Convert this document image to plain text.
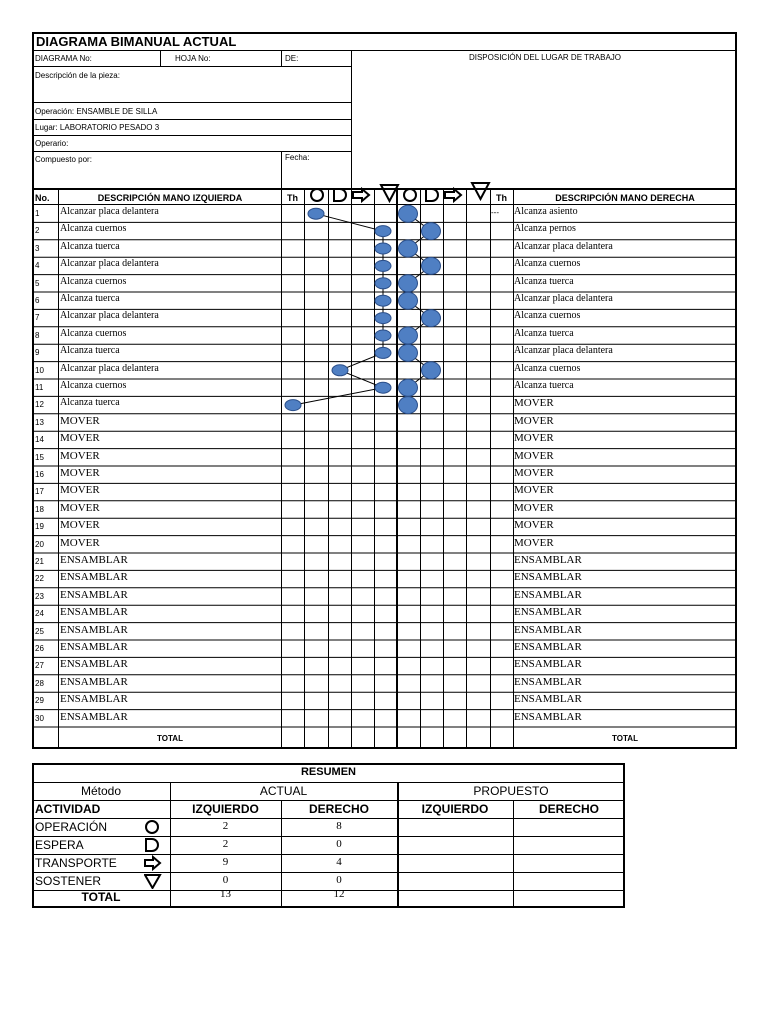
DIAGRAMA BIMANUAL ACTUAL
DIAGRAMA No:	HOJA No:	DE:	DISPOSICIÓN DEL LUGAR DE TRABAJO
Descripción de la pieza:
Operación: ENSAMBLE DE SILLA
Lugar: LABORATORIO PESADO 3
Operario:
Compuesto por:	Fecha:
No.	DESCRIPCIÓN MANO IZQUIERDA	Th	Th	DESCRIPCIÓN MANO DERECHA
1 Alcanzar placa delantera	Alcanza asiento
2 Alcanza cuernos	Alcanza pernos
3 Alcanza tuerca	Alcanzar placa delantera
4 Alcanzar placa delantera	Alcanza cuernos
5 Alcanza cuernos	Alcanza tuerca
6 Alcanza tuerca	Alcanzar placa delantera
7 Alcanzar placa delantera	Alcanza cuernos
8 Alcanza cuernos	Alcanza tuerca
9 Alcanza tuerca	Alcanzar placa delantera
10 Alcanzar placa delantera	Alcanza cuernos
11 Alcanza cuernos	Alcanza tuerca
12 Alcanza tuerca	MOVER
13 MOVER	MOVER
14 MOVER	MOVER
15 MOVER	MOVER
16 MOVER	MOVER
17 MOVER	MOVER
18 MOVER	MOVER
19 MOVER	MOVER
20 MOVER	MOVER
21 ENSAMBLAR	ENSAMBLAR
22 ENSAMBLAR	ENSAMBLAR
23 ENSAMBLAR	ENSAMBLAR
24 ENSAMBLAR	ENSAMBLAR
25 ENSAMBLAR	ENSAMBLAR
26 ENSAMBLAR	ENSAMBLAR
27 ENSAMBLAR	ENSAMBLAR
28 ENSAMBLAR	ENSAMBLAR
29 ENSAMBLAR	ENSAMBLAR
30 ENSAMBLAR	ENSAMBLAR
TOTAL	TOTAL
---
RESUMEN
Método	ACTUAL	PROPUESTO
ACTIVIDAD	IZQUIERDO	DERECHO	IZQUIERDO	DERECHO
OPERACIÓN	2	8
ESPERA	2	0
TRANSPORTE	9	4
SOSTENER	0	0
TOTAL	13	12
